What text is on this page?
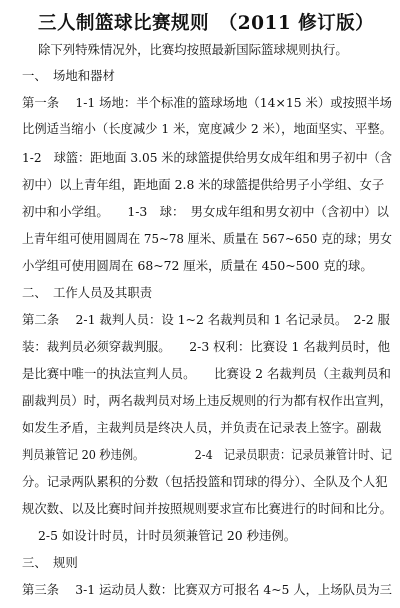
三人制篮球比赛规则　（2011 修订版）
除下列特殊情况外，比赛均按照最新国际篮球规则执行。
一、　场地和器材
第一条　 1-1 场地：半个标准的篮球场地（14×15 米）或按照半场
比例适当缩小（长度减少 1 米，宽度减少 2 米），地面坚实、平整。
1-2　球篮：距地面 3.05 米的球篮提供给男女成年组和男子初中（含
初中）以上青年组，距地面 2.8 米的球篮提供给男子小学组、女子
初中和小学组。　　1-3　球：　男女成年组和男女初中（含初中）以
上青年组可使用圆周在 75~78 厘米、质量在 567~650 克的球；男女
小学组可使用圆周在 68~72 厘米，质量在 450~500 克的球。
二、　工作人员及其职责
第二条　 2-1 裁判人员：设 1~2 名裁判员和 1 名记录员。　2-2 服
装：裁判员必须穿裁判服。　　2-3 权利：比赛设 1 名裁判员时，他
是比赛中唯一的执法宣判人员。　　比赛设 2 名裁判员（主裁判员和
副裁判员）时，两名裁判员对场上违反规则的行为都有权作出宣判，
如发生矛盾，主裁判员是终决人员，并负责在记录表上签字。副裁
判员兼管记 20 秒违例。　　　　　2-4　记录员职责：记录员兼管计时、记
分。记录两队累积的分数（包括投篮和罚球的得分）、全队及个人犯
规次数、以及比赛时间并按照规则要求宣布比赛进行的时间和比分。
2-5 如设计时员，计时员须兼管记 20 秒违例。
三、　规则
第三条　 3-1 运动员人数：比赛双方可报名 4~5 人，上场队员为三
